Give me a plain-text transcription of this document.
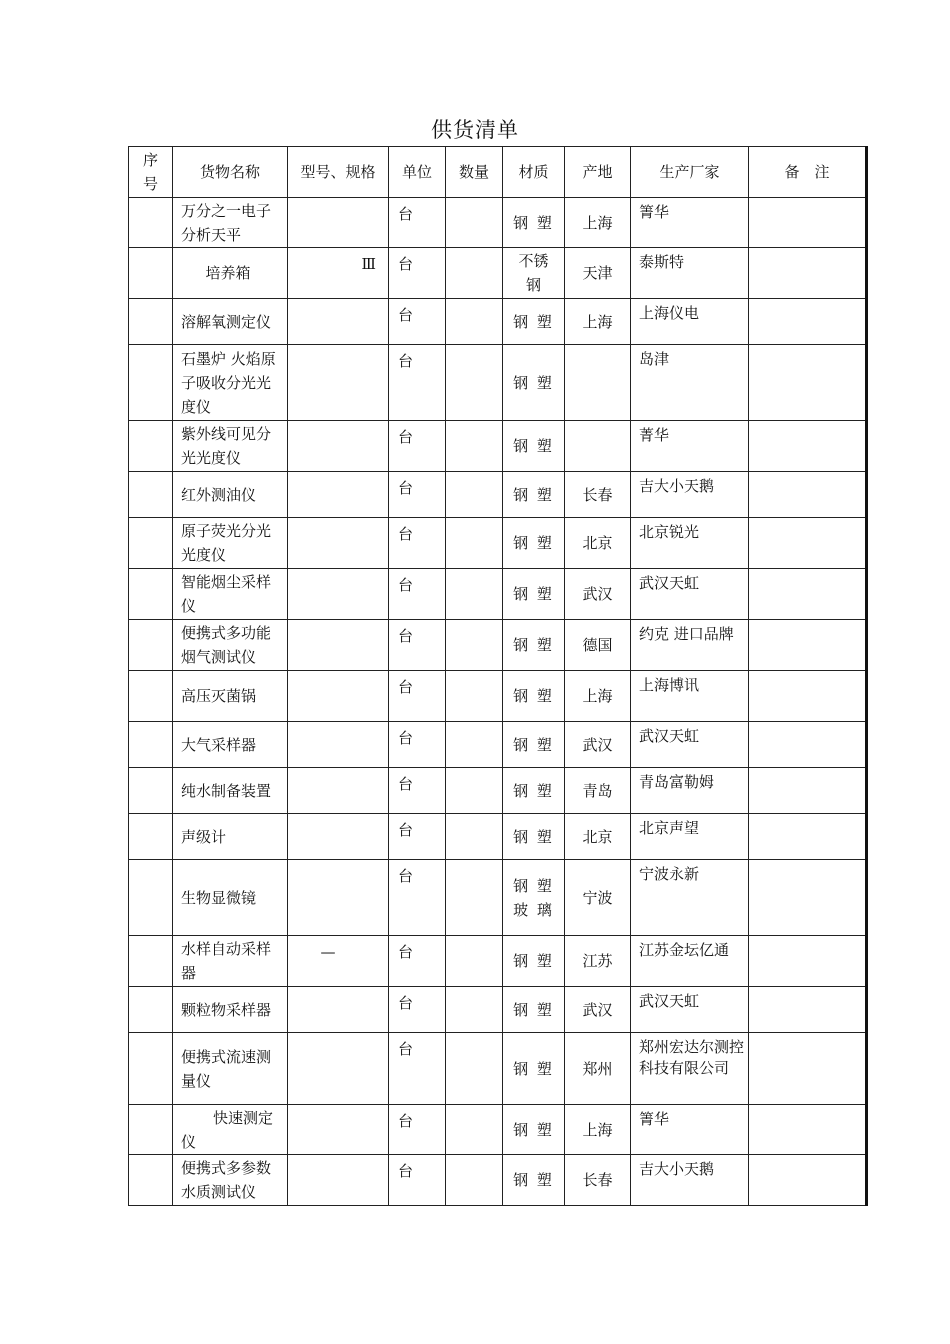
供货清单
序号	货物名称	型号、规格	单位	数量	材质	产地	生产厂家	备　注
	万分之一电子分析天平		台		钢 塑	上海	箐华	
	培养箱	Ⅲ	台		不锈钢	天津	泰斯特	
	溶解氧测定仪		台		钢 塑	上海	上海仪电	
	石墨炉 火焰原子吸收分光光度仪		台		钢 塑		岛津	
	紫外线可见分光光度仪		台		钢 塑		菁华	
	红外测油仪		台		钢 塑	长春	吉大小天鹅	
	原子荧光分光光度仪		台		钢 塑	北京	北京锐光	
	智能烟尘采样仪		台		钢 塑	武汉	武汉天虹	
	便携式多功能烟气测试仪		台		钢 塑	德国	约克 进口品牌	
	高压灭菌锅		台		钢 塑	上海	上海博讯	
	大气采样器		台		钢 塑	武汉	武汉天虹	
	纯水制备装置		台		钢 塑	青岛	青岛富勒姆	
	声级计		台		钢 塑	北京	北京声望	
	生物显微镜		台		钢 塑 玻 璃	宁波	宁波永新	
	水样自动采样器	—	台		钢 塑	江苏	江苏金坛亿通	
	颗粒物采样器		台		钢 塑	武汉	武汉天虹	
	便携式流速测量仪		台		钢 塑	郑州	郑州宏达尔测控科技有限公司	
	快速测定仪		台		钢 塑	上海	箐华	
	便携式多参数水质测试仪		台		钢 塑	长春	吉大小天鹅	
